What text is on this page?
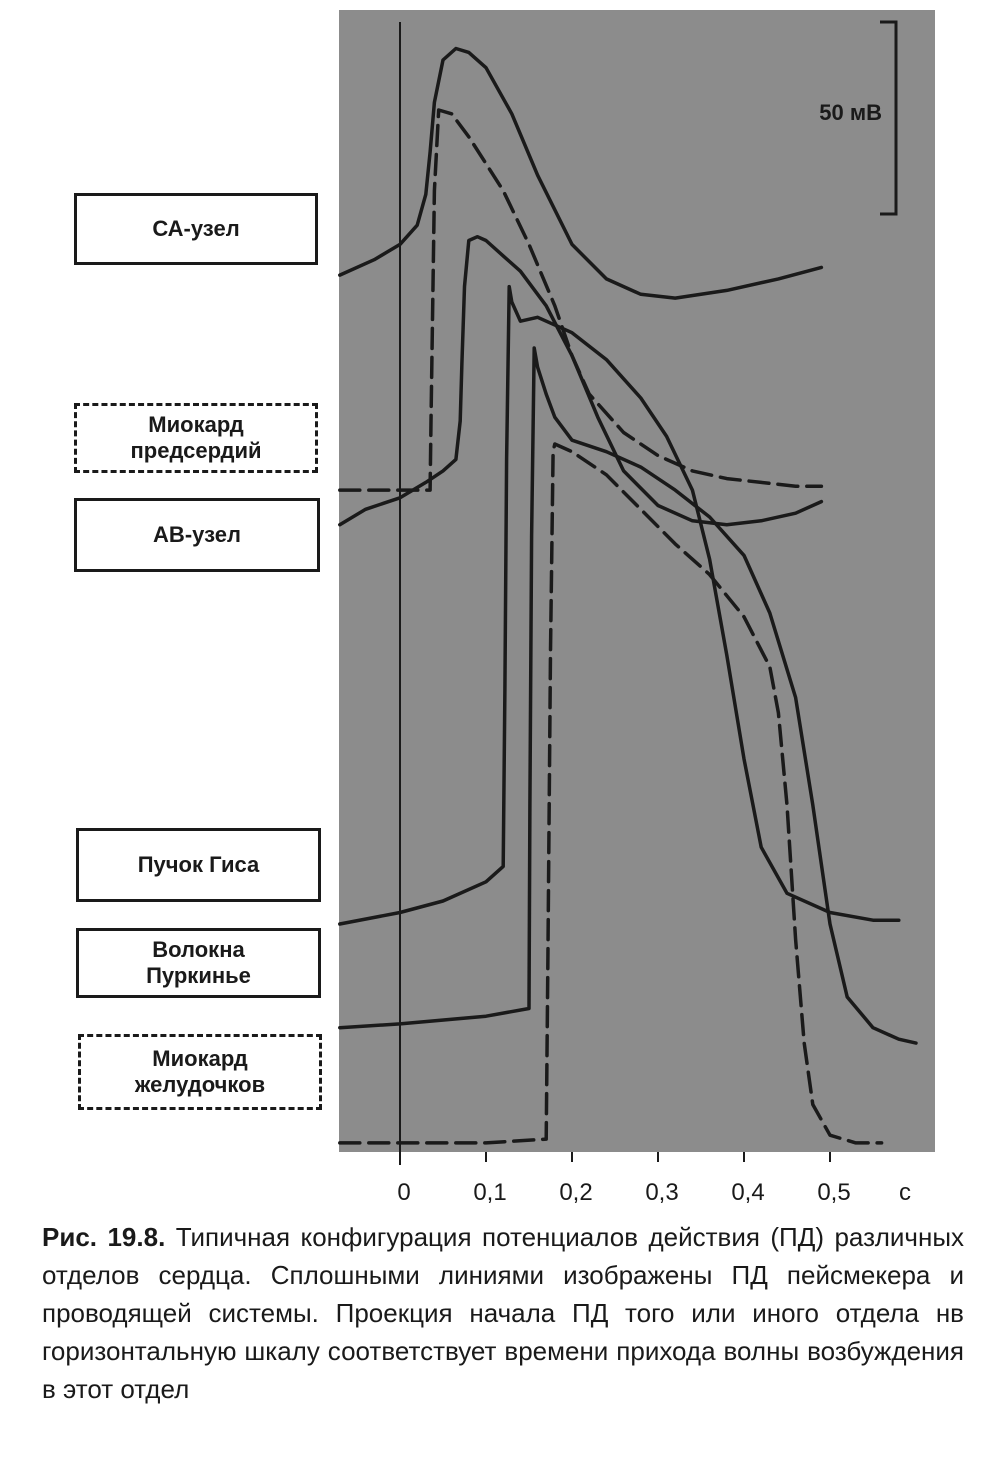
50 мВ
0	0,1 0,2 0,3 0,4 0,5 с
СА-узел
Миокард
предсердий
АВ-узел
Пучок Гиса
Волокна
Пуркинье
Миокард
желудочков
Рис. 19.8. Типичная конфигурация потенциалов действия (ПД) различных отделов сердца. Сплошными линиями изображены ПД пейсмекера и проводящей системы. Проекция начала ПД того или иного отдела нв горизонтальную шкалу соответствует времени прихода волны возбуждения в этот отдел
